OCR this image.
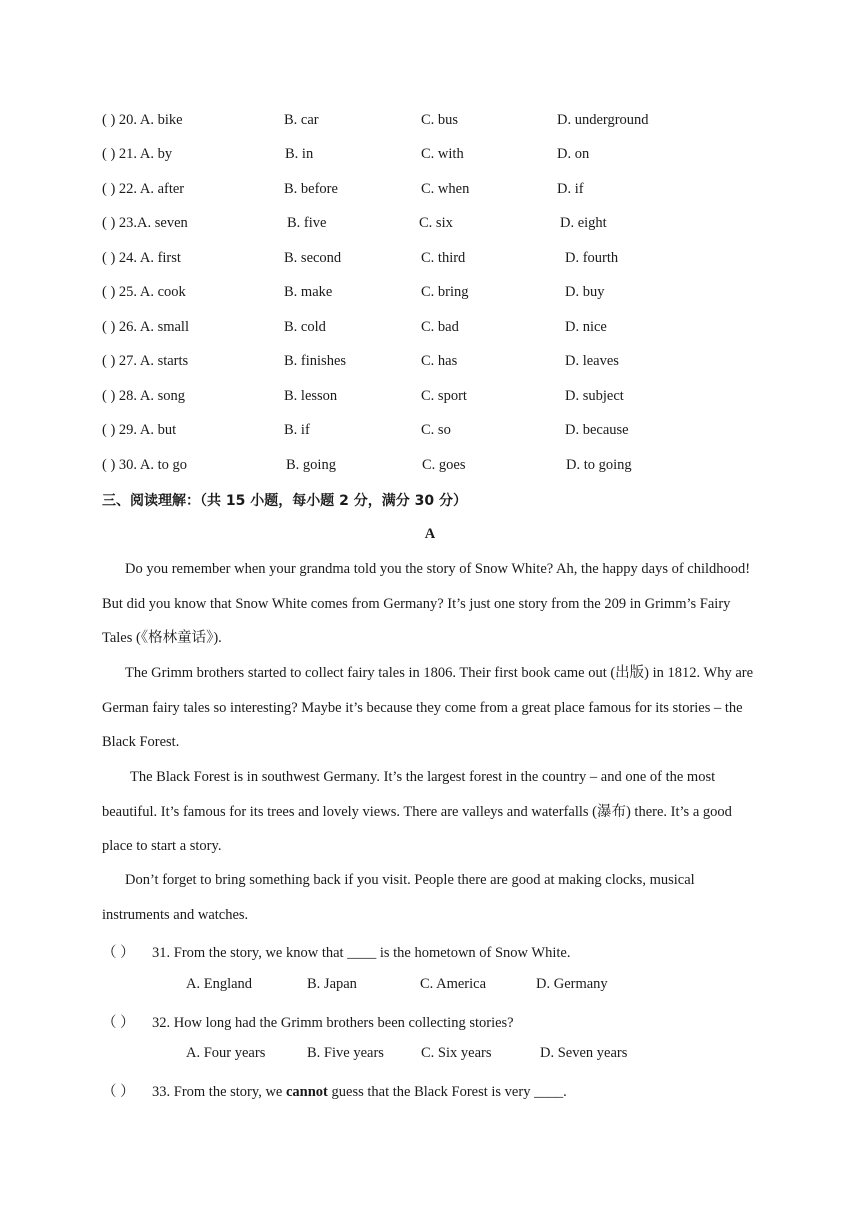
( ) 20. A. bike	B. car	C. bus	D. underground
( ) 21. A. by	B. in	C. with	D. on
( ) 22. A. after	B. before	C. when	D. if
( ) 23.A. seven	B. five	C. six	D. eight
( ) 24. A. first	B. second	C. third	D. fourth
( ) 25. A. cook	B. make	C. bring	D. buy
( ) 26. A. small	B. cold	C. bad	D. nice
( ) 27. A. starts	B. finishes	C. has	D. leaves
( ) 28. A. song	B. lesson	C. sport	D. subject
( ) 29. A. but	B. if	C. so	D. because
( ) 30. A. to go	B. going	C. goes	D. to going
三、阅读理解：（共 15 小题，每小题 2 分，满分 30 分）
A

Do you remember when your grandma told you the story of Snow White? Ah, the happy days of childhood! But did you know that Snow White comes from Germany? It’s just one story from the 209 in Grimm’s Fairy Tales (《格林童话》).

The Grimm brothers started to collect fairy tales in 1806. Their first book came out (出版) in 1812. Why are German fairy tales so interesting? Maybe it’s because they come from a great place famous for its stories – the Black Forest.

The Black Forest is in southwest Germany. It’s the largest forest in the country – and one of the most beautiful. It’s famous for its trees and lovely views. There are valleys and waterfalls (瀑布) there. It’s a good place to start a story.

Don’t forget to bring something back if you visit. People there are good at making clocks, musical instruments and watches.

（ ） 31. From the story, we know that ____ is the hometown of Snow White.
A. England	B. Japan	C. America	D. Germany
（ ） 32. How long had the Grimm brothers been collecting stories?
A. Four years	B. Five years	C. Six years	D. Seven years
（ ） 33. From the story, we cannot guess that the Black Forest is very ____.
